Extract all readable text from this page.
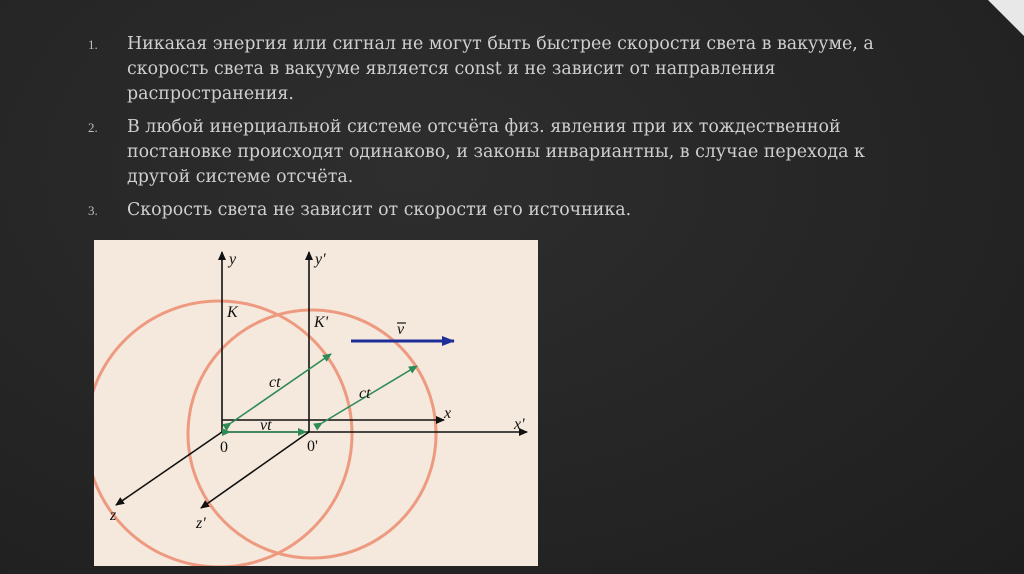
1. Никакая энергия или сигнал не могут быть быстрее скорости света в вакууме, а скорость света в вакууме является const и не зависит от направления распространения.
2. В любой инерциальной системе отсчёта физ. явления при их тождественной постановке происходят одинаково, и законы инвариантны, в случае перехода к другой системе отсчёта.
3. Скорость света не зависит от скорости его источника.
y	y'
K
K'	v
ct
ct
x
x'
0	0'
vt
z	z'
